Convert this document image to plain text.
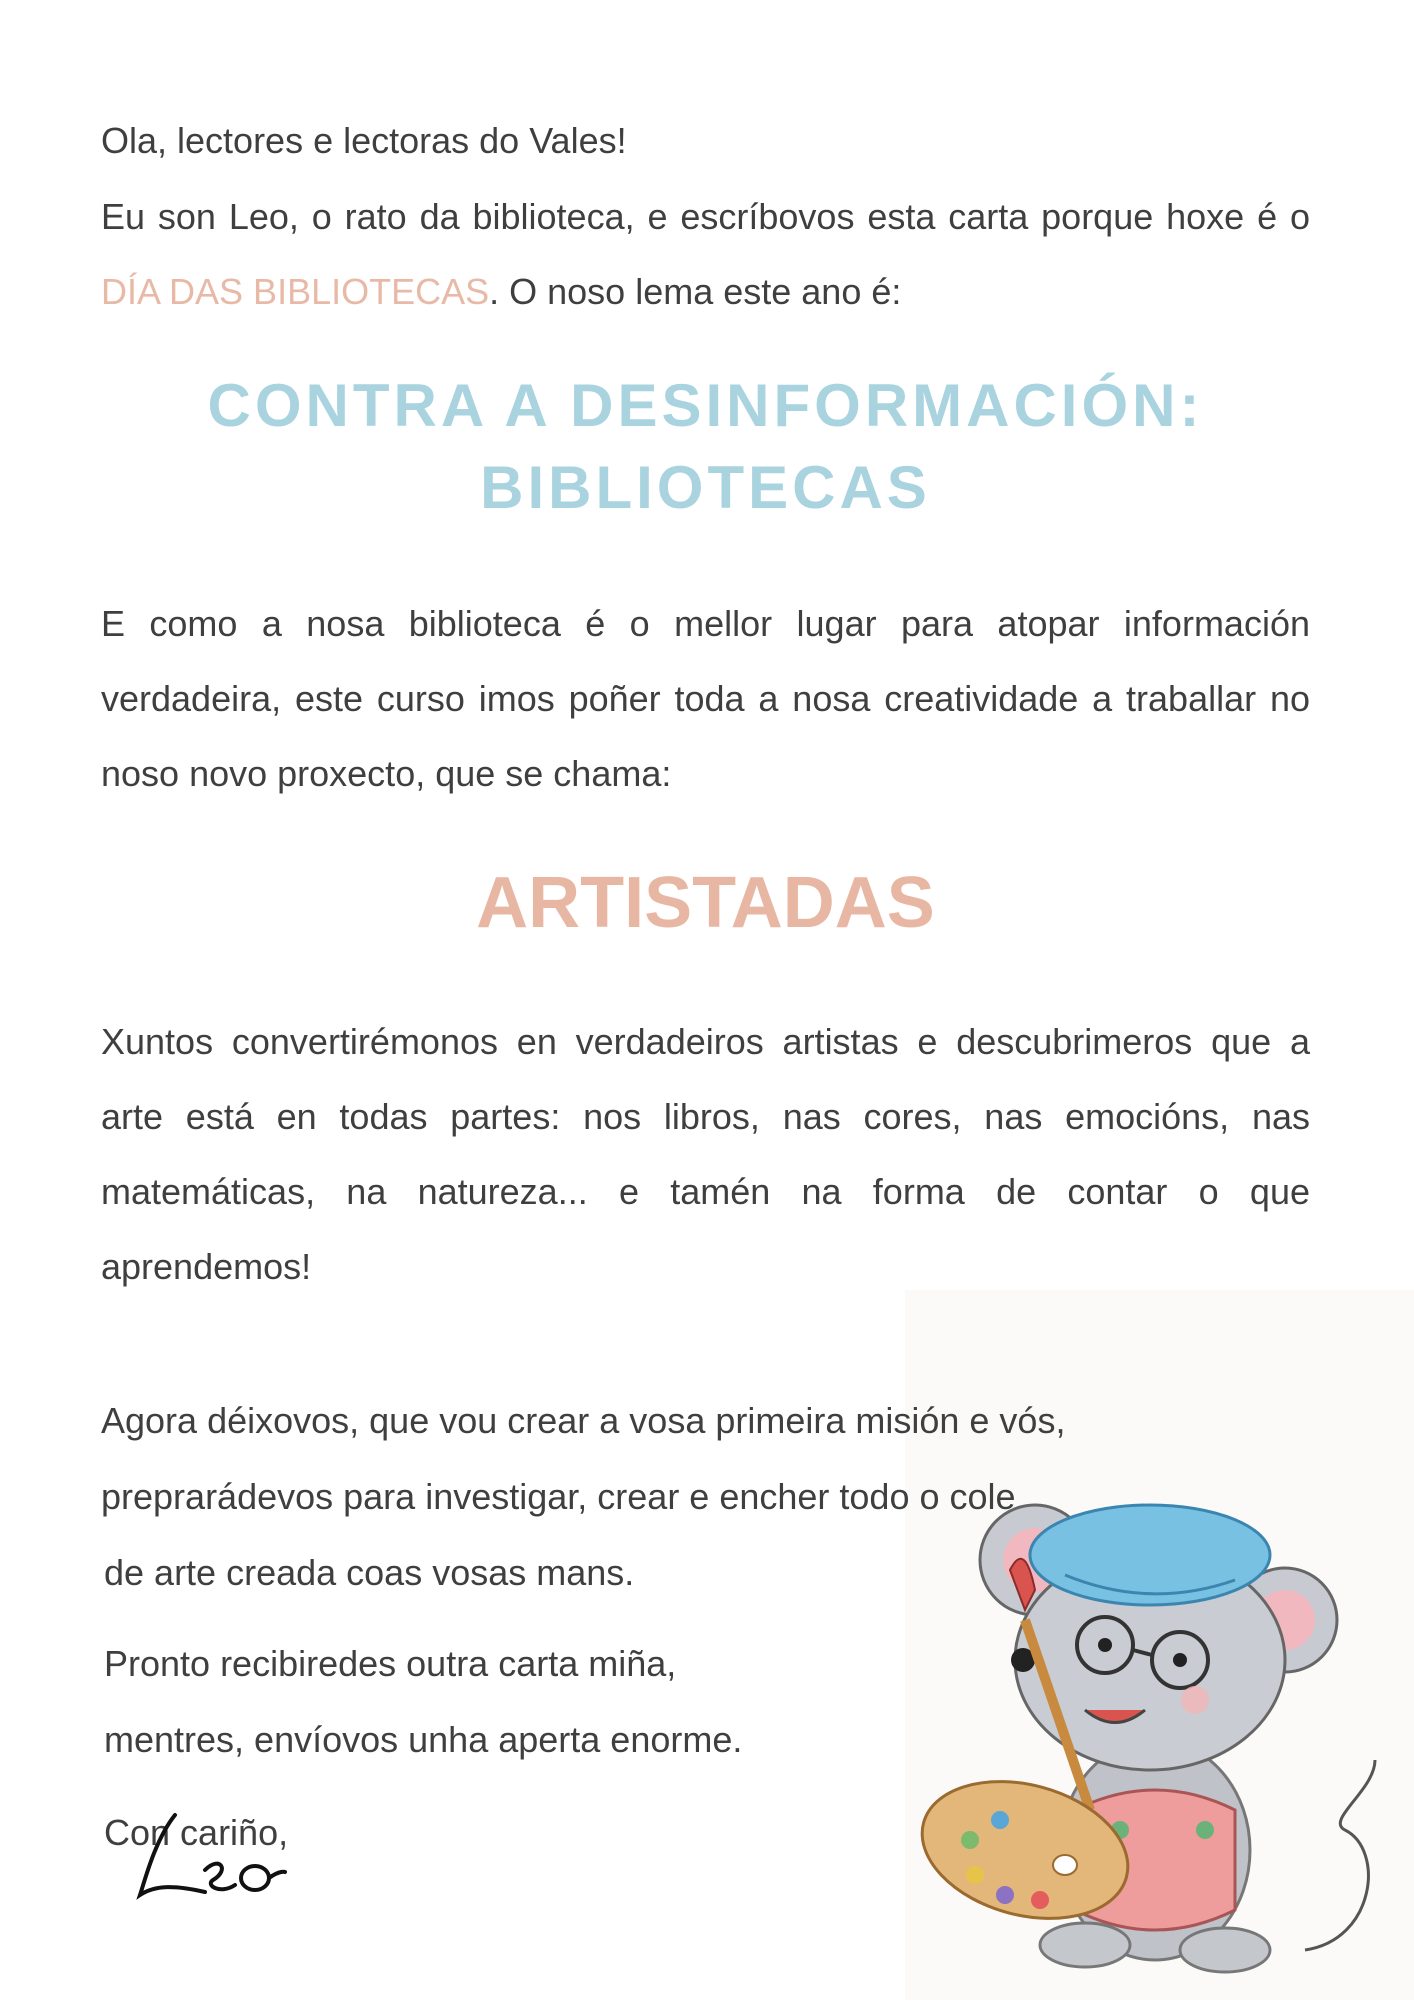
Ola, lectores e lectoras do Vales!

Eu son Leo, o rato da biblioteca, e escríbovos esta carta porque hoxe é o DÍA DAS BIBLIOTECAS. O noso lema este ano é:

CONTRA A DESINFORMACIÓN:
BIBLIOTECAS

E como a nosa biblioteca é o mellor lugar para atopar información verdadeira, este curso imos poñer toda a nosa creatividade a traballar no noso novo proxecto, que se chama:

ARTISTADAS

Xuntos convertirémonos en verdadeiros artistas e descubrimeros que a arte está en todas partes: nos libros, nas cores, nas emocións, nas matemáticas, na natureza... e tamén na forma de contar o que aprendemos!

Agora déixovos, que vou crear a vosa primeira misión e vós,

preprarádevos para investigar, crear e encher todo o cole

de arte creada coas vosas mans.

Pronto recibiredes outra carta miña,

mentres, envíovos unha aperta enorme.

Con cariño,
